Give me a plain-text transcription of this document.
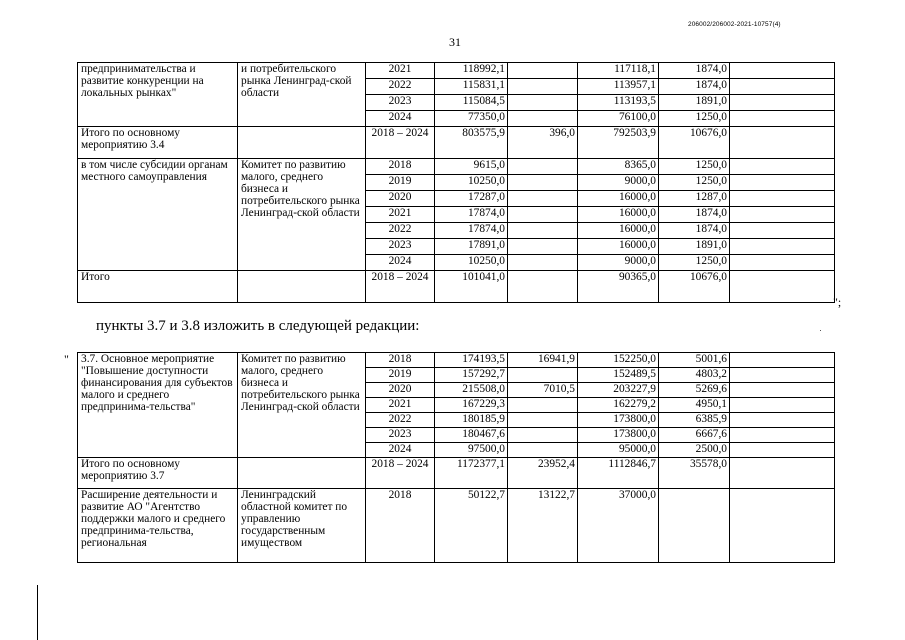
206002/206002-2021-10757(4)
31
предпринимательства и развитие конкуренции на локальных рынках"	и потребительского рынка Ленинград-ской области	2021	118992,1		117118,1	1874,0	
		2022	115831,1		113957,1	1874,0	
		2023	115084,5		113193,5	1891,0	
		2024	77350,0		76100,0	1250,0	
Итого по основному мероприятию 3.4		2018 – 2024	803575,9	396,0	792503,9	10676,0	
в том числе субсидии органам местного самоуправления	Комитет по развитию малого, среднего бизнеса и потребительского рынка Ленинград-ской области	2018	9615,0		8365,0	1250,0	
		2019	10250,0		9000,0	1250,0	
		2020	17287,0		16000,0	1287,0	
		2021	17874,0		16000,0	1874,0	
		2022	17874,0		16000,0	1874,0	
		2023	17891,0		16000,0	1891,0	
		2024	10250,0		9000,0	1250,0	
Итого		2018 – 2024	101041,0		90365,0	10676,0	
";
пункты 3.7 и 3.8 изложить в следующей редакции:
" 3.7. Основное мероприятие "Повышение доступности финансирования для субъектов малого и среднего предпринима-тельства"	Комитет по развитию малого, среднего бизнеса и потребительского рынка Ленинград-ской области	2018	174193,5	16941,9	152250,0	5001,6	
		2019	157292,7		152489,5	4803,2	
		2020	215508,0	7010,5	203227,9	5269,6	
		2021	167229,3		162279,2	4950,1	
		2022	180185,9		173800,0	6385,9	
		2023	180467,6		173800,0	6667,6	
		2024	97500,0		95000,0	2500,0	
Итого по основному мероприятию 3.7		2018 – 2024	1172377,1	23952,4	1112846,7	35578,0	
Расширение деятельности и развитие АО "Агентство поддержки малого и среднего предпринима-тельства, региональная	Ленинградский областной комитет по управлению государственным имуществом	2018	50122,7	13122,7	37000,0		
